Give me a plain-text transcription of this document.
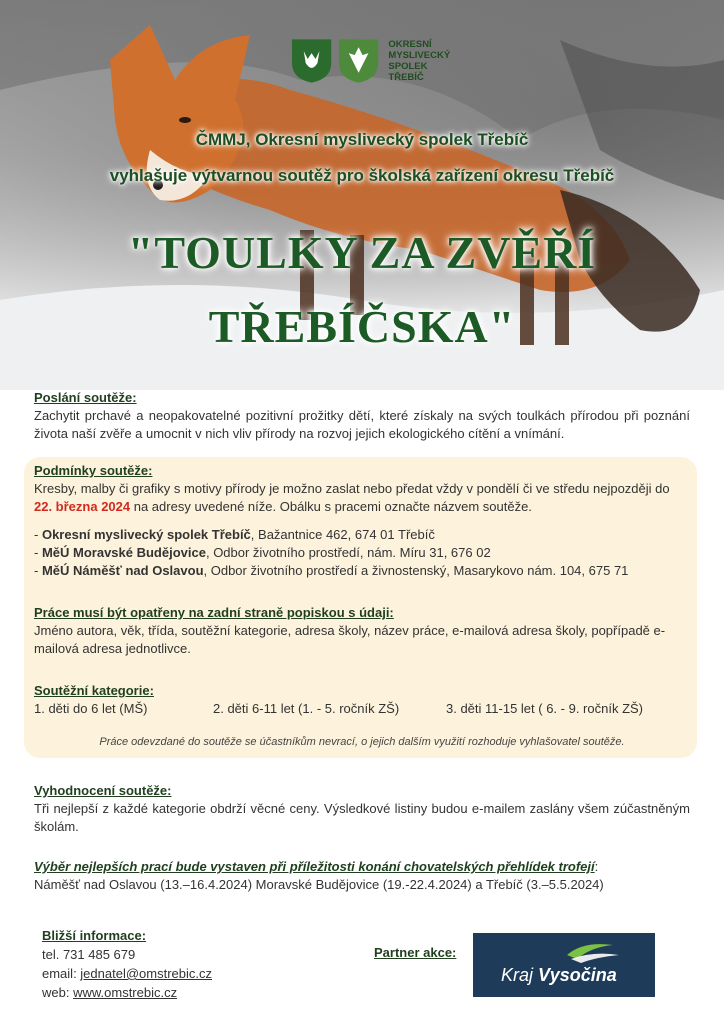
OKRESNÍ
MYSLIVECKÝ SPOLEK
TŘEBÍČ
ČMMJ, Okresní myslivecký spolek Třebíč
vyhlašuje výtvarnou soutěž pro školská zařízení okresu Třebíč
"TOULKY ZA ZVĚŘÍ
TŘEBÍČSKA"
Poslání soutěže:
Zachytit prchavé a neopakovatelné pozitivní prožitky dětí, které získaly na svých toulkách přírodou při poznání života naší zvěře a umocnit v nich vliv přírody na rozvoj jejich ekologického cítění a vnímání.
Podmínky soutěže:
Kresby, malby či grafiky s motivy přírody je možno zaslat nebo předat vždy v pondělí či ve středu nejpozději do 22. března 2024 na adresy uvedené níže. Obálku s pracemi označte názvem soutěže.
- Okresní myslivecký spolek Třebíč, Bažantnice 462, 674 01 Třebíč
- MěÚ Moravské Budějovice, Odbor životního prostředí, nám. Míru 31, 676 02
- MěÚ Náměšť nad Oslavou, Odbor životního prostředí a živnostenský, Masarykovo nám. 104, 675 71
Práce musí být opatřeny na zadní straně popiskou s údaji:
Jméno autora, věk, třída, soutěžní kategorie, adresa školy, název práce, e-mailová adresa školy, popřípadě e-mailová adresa jednotlivce.
Soutěžní kategorie:
1. děti do 6 let (MŠ)	2. děti 6-11 let (1. - 5. ročník ZŠ)	3. děti 11-15 let ( 6. - 9. ročník ZŠ)
Práce odevzdané do soutěže se účastníkům nevrací, o jejich dalším využití rozhoduje vyhlašovatel soutěže.
Vyhodnocení soutěže:
Tři nejlepší z každé kategorie obdrží věcné ceny. Výsledkové listiny budou e-mailem zaslány všem zúčastněným školám.
Výběr nejlepších prací bude vystaven při příležitosti konání chovatelských přehlídek trofejí:
Náměšť nad Oslavou (13.–16.4.2024) Moravské Budějovice (19.-22.4.2024) a Třebíč (3.–5.5.2024)
Bližší informace:
tel. 731 485 679
email: jednatel@omstrebic.cz
web: www.omstrebic.cz
Partner akce:
Kraj Vysočina
